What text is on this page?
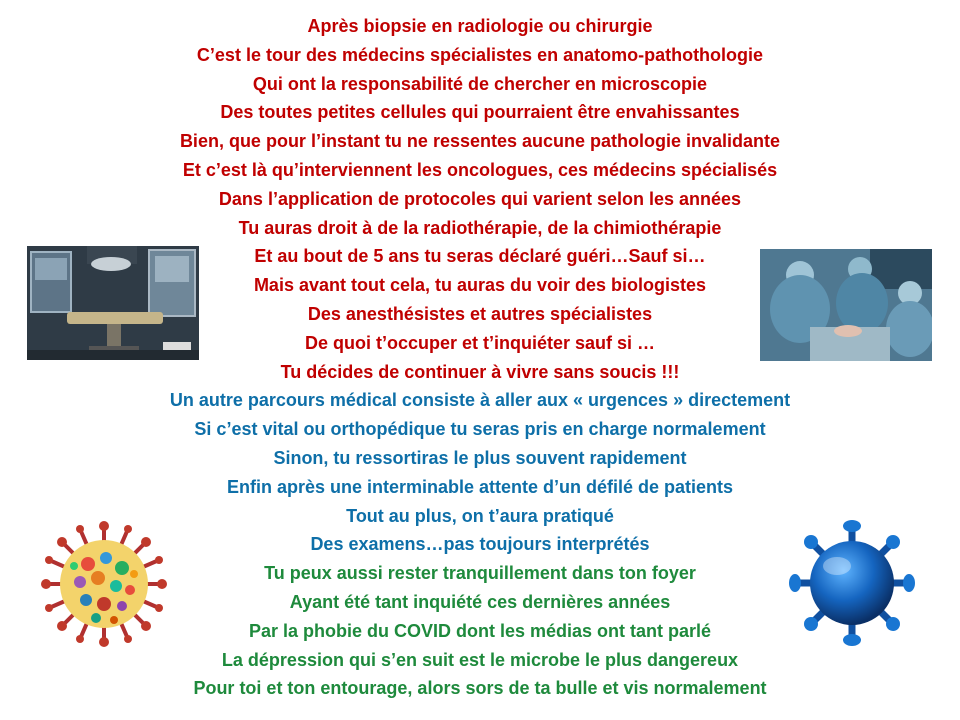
Après biopsie en radiologie ou chirurgie
C’est le tour des médecins spécialistes en anatomo-pathothologie
Qui ont la responsabilité de chercher en microscopie
Des toutes petites cellules qui pourraient être envahissantes
Bien, que pour l’instant tu ne ressentes aucune pathologie invalidante
Et c’est là qu’interviennent les oncologues, ces médecins spécialisés
Dans l’application de protocoles qui varient selon les années
Tu auras droit à de la radiothérapie, de la chimiothérapie
Et au bout de 5 ans tu seras déclaré guéri…Sauf si…
Mais avant tout cela, tu auras du voir des biologistes
Des anesthésistes et autres spécialistes
De quoi t’occuper et t’inquiéter sauf si …
Tu décides de continuer à vivre sans soucis !!!
Un autre parcours médical consiste à aller aux « urgences » directement
Si c’est vital ou orthopédique tu seras pris en charge normalement
Sinon, tu ressortiras le plus souvent rapidement
Enfin après une interminable attente d’un défilé de patients
Tout au plus, on t’aura pratiqué
Des examens…pas toujours interprétés
Tu peux aussi rester tranquillement dans ton foyer
Ayant été tant inquiété ces dernières années
Par la phobie du COVID dont les médias ont tant parlé
La dépression qui s’en suit est le microbe le plus dangereux
Pour toi et ton entourage, alors sors de ta bulle et vis normalement
